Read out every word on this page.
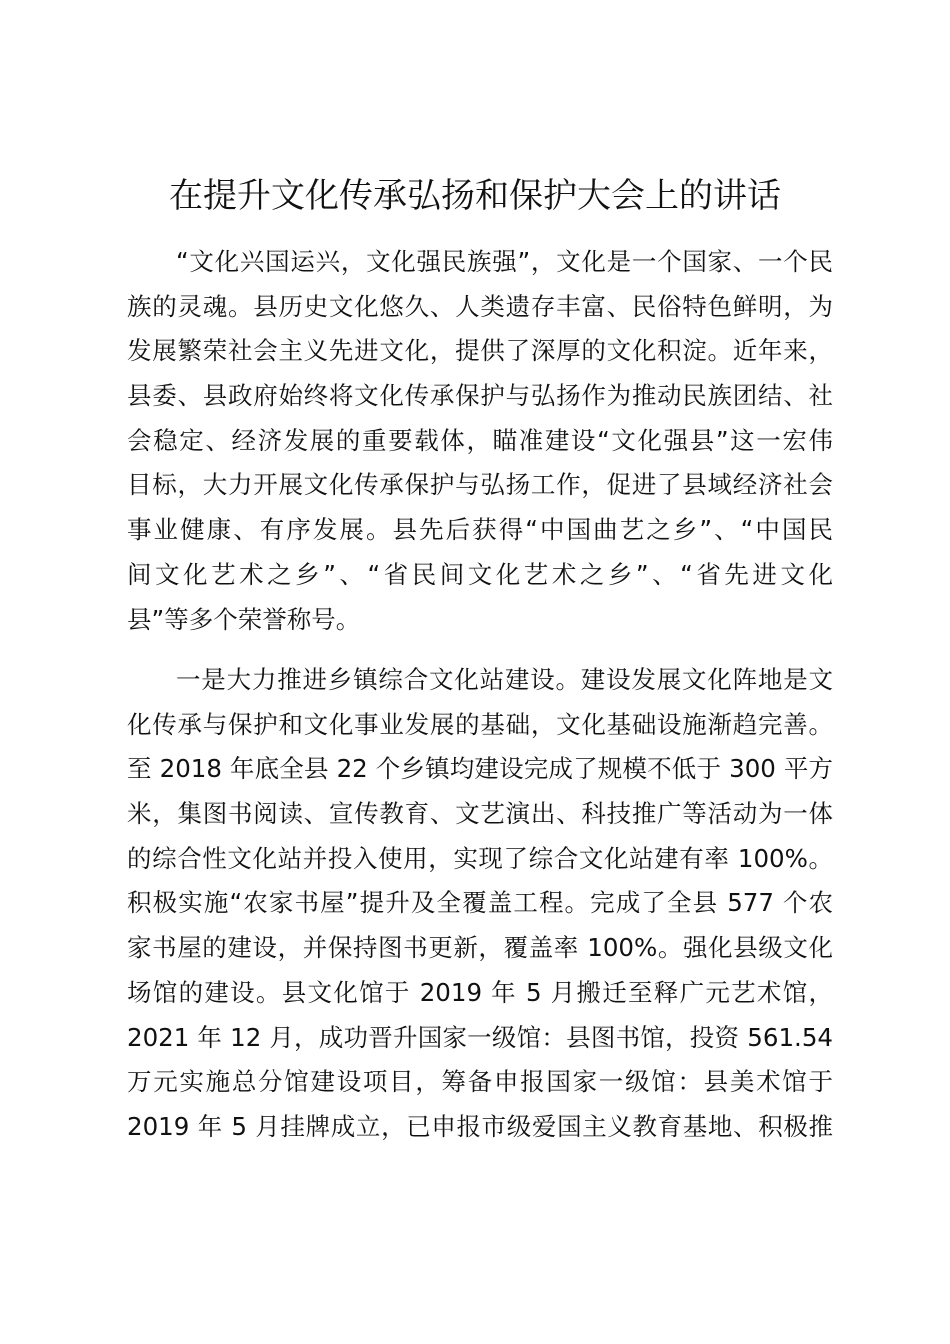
在提升文化传承弘扬和保护大会上的讲话

“文化兴国运兴，文化强民族强”，文化是一个国家、一个民
族的灵魂。县历史文化悠久、人类遗存丰富、民俗特色鲜明，为
发展繁荣社会主义先进文化，提供了深厚的文化积淀。近年来，
县委、县政府始终将文化传承保护与弘扬作为推动民族团结、社
会稳定、经济发展的重要载体，瞄准建设“文化强县”这一宏伟
目标，大力开展文化传承保护与弘扬工作，促进了县域经济社会
事业健康、有序发展。县先后获得“中国曲艺之乡”、“中国民
间文化艺术之乡”、“省民间文化艺术之乡”、“省先进文化
县”等多个荣誉称号。

一是大力推进乡镇综合文化站建设。建设发展文化阵地是文
化传承与保护和文化事业发展的基础，文化基础设施渐趋完善。
至 2018 年底全县 22 个乡镇均建设完成了规模不低于 300 平方
米，集图书阅读、宣传教育、文艺演出、科技推广等活动为一体
的综合性文化站并投入使用，实现了综合文化站建有率 100%。
积极实施“农家书屋”提升及全覆盖工程。完成了全县 577 个农
家书屋的建设，并保持图书更新，覆盖率 100%。强化县级文化
场馆的建设。县文化馆于 2019 年 5 月搬迁至释广元艺术馆，
2021 年 12 月，成功晋升国家一级馆：县图书馆，投资 561.54
万元实施总分馆建设项目，筹备申报国家一级馆：县美术馆于
2019 年 5 月挂牌成立，已申报市级爱国主义教育基地、积极推
